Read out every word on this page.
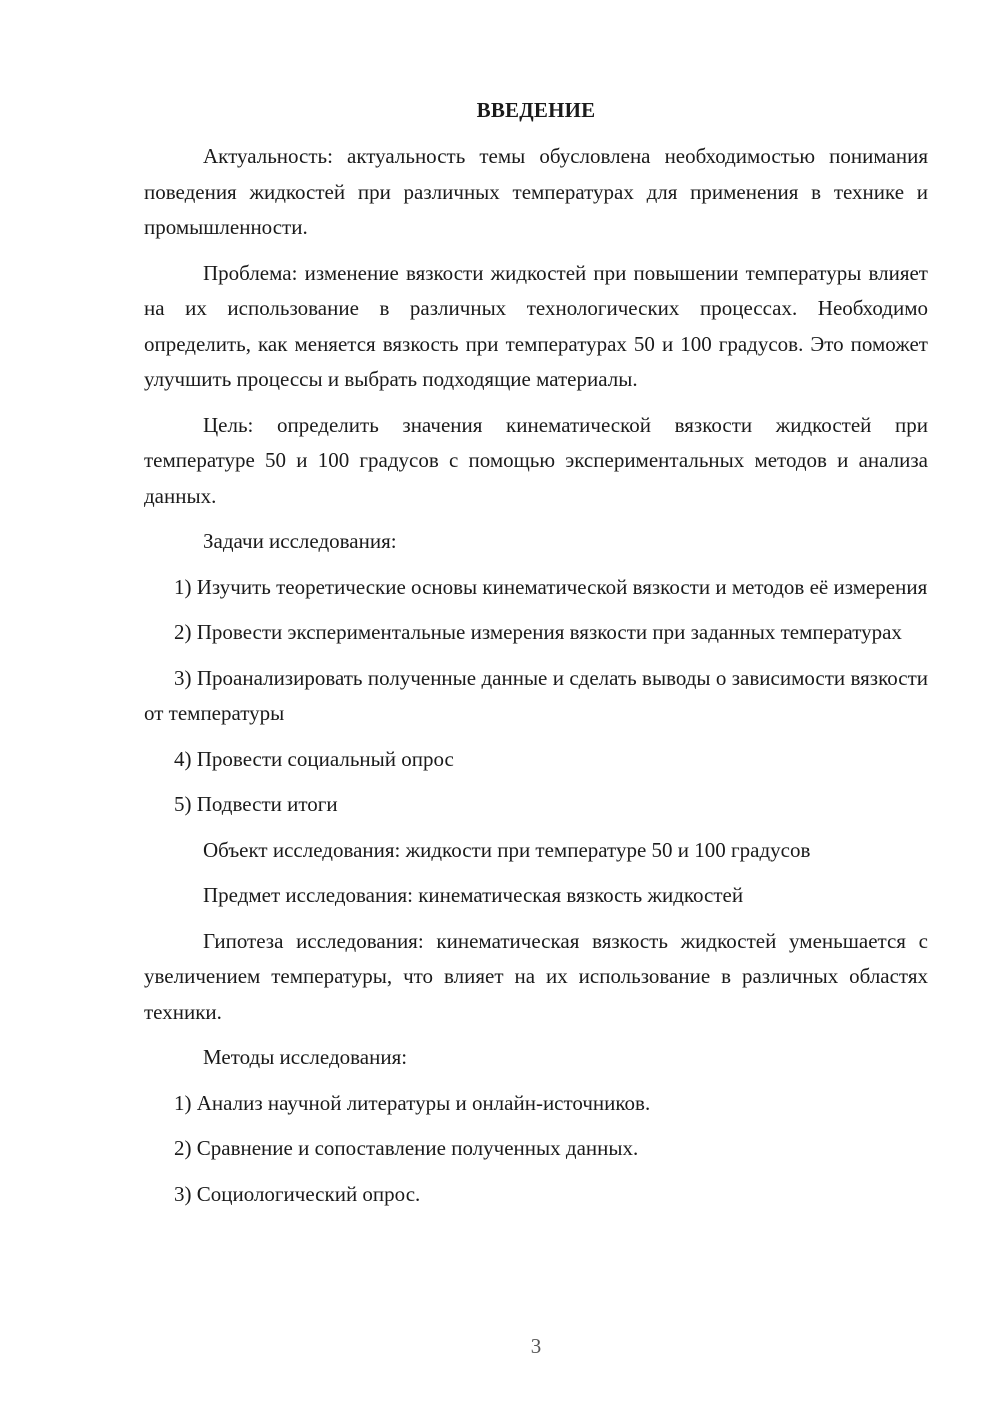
ВВЕДЕНИЕ

Актуальность: актуальность темы обусловлена необходимостью понимания поведения жидкостей при различных температурах для применения в технике и промышленности.

Проблема: изменение вязкости жидкостей при повышении температуры влияет на их использование в различных технологических процессах. Необходимо определить, как меняется вязкость при температурах 50 и 100 градусов. Это поможет улучшить процессы и выбрать подходящие материалы.

Цель: определить значения кинематической вязкости жидкостей при температуре 50 и 100 градусов с помощью экспериментальных методов и анализа данных.

Задачи исследования:

1) Изучить теоретические основы кинематической вязкости и методов её измерения

2) Провести экспериментальные измерения вязкости при заданных температурах

3) Проанализировать полученные данные и сделать выводы о зависимости вязкости от температуры

4) Провести социальный опрос

5) Подвести итоги

Объект исследования: жидкости при температуре 50 и 100 градусов

Предмет исследования: кинематическая вязкость жидкостей

Гипотеза исследования: кинематическая вязкость жидкостей уменьшается с увеличением температуры, что влияет на их использование в различных областях техники.

Методы исследования:

1) Анализ научной литературы и онлайн-источников.

2) Сравнение и сопоставление полученных данных.

3) Социологический опрос.

3
